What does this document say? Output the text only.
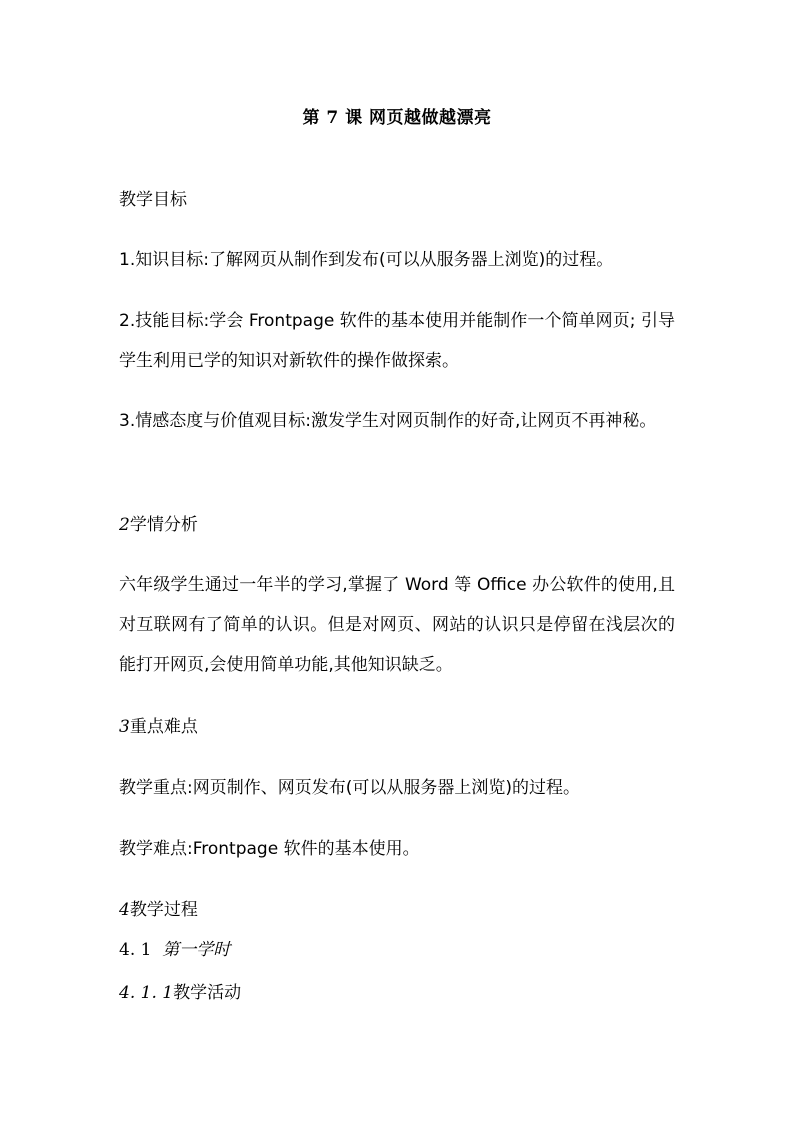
第 7 课 网页越做越漂亮
教学目标
1.知识目标:了解网页从制作到发布(可以从服务器上浏览)的过程。
2.技能目标:学会 Frontpage 软件的基本使用并能制作一个简单网页; 引导学生利用已学的知识对新软件的操作做探索。
3.情感态度与价值观目标:激发学生对网页制作的好奇,让网页不再神秘。
2学情分析
六年级学生通过一年半的学习,掌握了 Word 等 Office 办公软件的使用,且对互联网有了简单的认识。但是对网页、网站的认识只是停留在浅层次的能打开网页,会使用简单功能,其他知识缺乏。
3重点难点
教学重点:网页制作、网页发布(可以从服务器上浏览)的过程。
教学难点:Frontpage 软件的基本使用。
4教学过程
4. 1 第一学时
4. 1. 1教学活动
